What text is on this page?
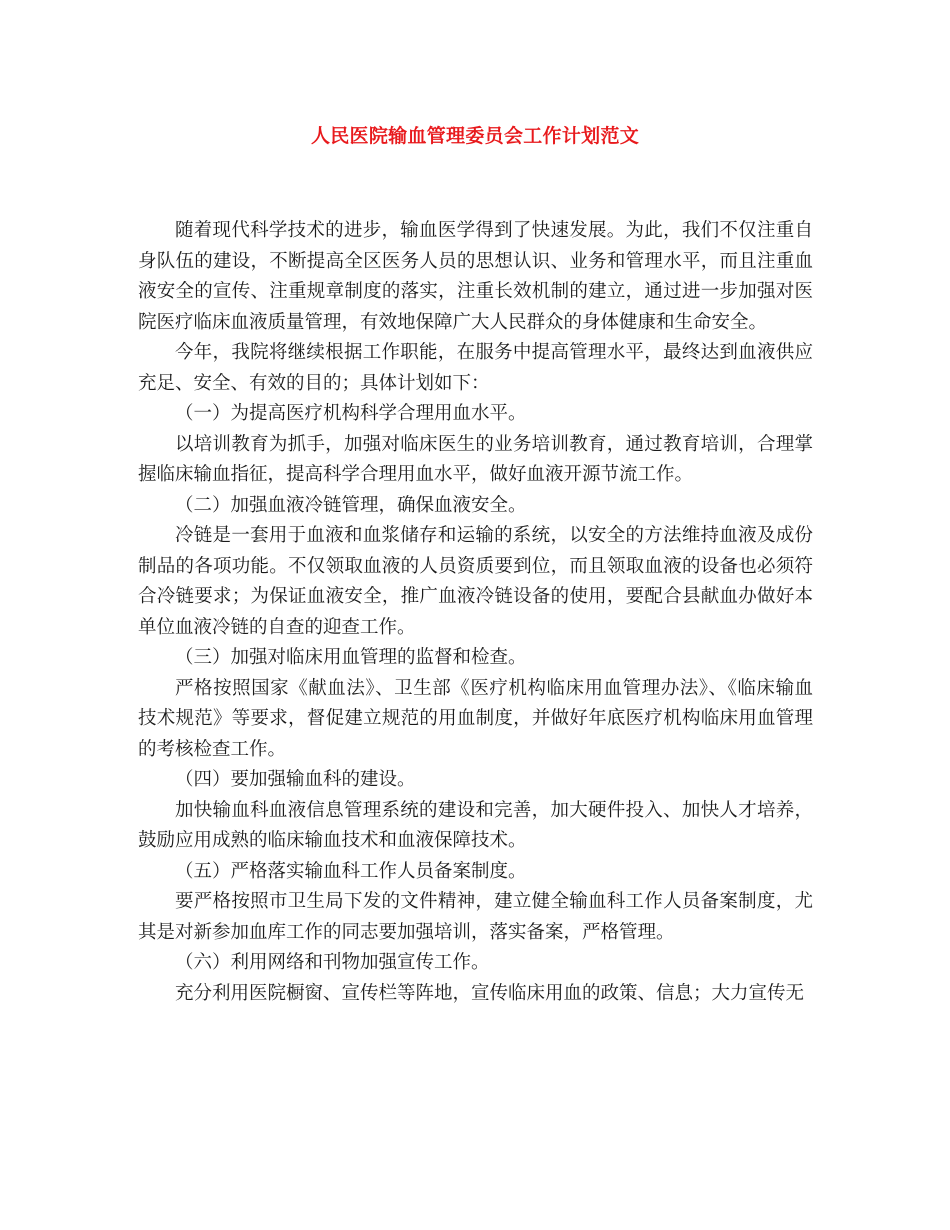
人民医院输血管理委员会工作计划范文

随着现代科学技术的进步，输血医学得到了快速发展。为此，我们不仅注重自身队伍的建设，不断提高全区医务人员的思想认识、业务和管理水平，而且注重血液安全的宣传、注重规章制度的落实，注重长效机制的建立，通过进一步加强对医院医疗临床血液质量管理，有效地保障广大人民群众的身体健康和生命安全。

今年，我院将继续根据工作职能，在服务中提高管理水平，最终达到血液供应充足、安全、有效的目的；具体计划如下：

（一）为提高医疗机构科学合理用血水平。

以培训教育为抓手，加强对临床医生的业务培训教育，通过教育培训，合理掌握临床输血指征，提高科学合理用血水平，做好血液开源节流工作。

（二）加强血液冷链管理，确保血液安全。

冷链是一套用于血液和血浆储存和运输的系统，以安全的方法维持血液及成份制品的各项功能。不仅领取血液的人员资质要到位，而且领取血液的设备也必须符合冷链要求；为保证血液安全，推广血液冷链设备的使用，要配合县献血办做好本单位血液冷链的自查的迎查工作。

（三）加强对临床用血管理的监督和检查。

严格按照国家《献血法》、卫生部《医疗机构临床用血管理办法》、《临床输血技术规范》等要求，督促建立规范的用血制度，并做好年底医疗机构临床用血管理的考核检查工作。

（四）要加强输血科的建设。

加快输血科血液信息管理系统的建设和完善，加大硬件投入、加快人才培养，鼓励应用成熟的临床输血技术和血液保障技术。

（五）严格落实输血科工作人员备案制度。

要严格按照市卫生局下发的文件精神，建立健全输血科工作人员备案制度，尤其是对新参加血库工作的同志要加强培训，落实备案，严格管理。

（六）利用网络和刊物加强宣传工作。

充分利用医院橱窗、宣传栏等阵地，宣传临床用血的政策、信息；大力宣传无
